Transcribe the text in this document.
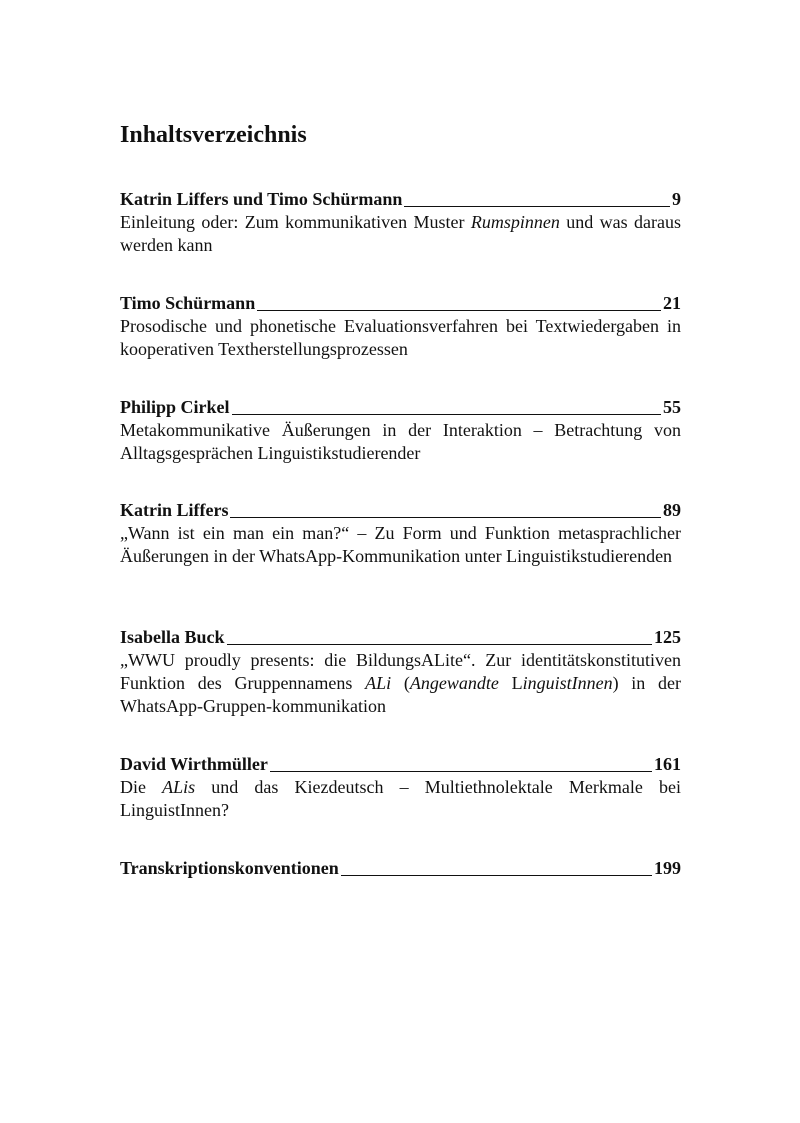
Inhaltsverzeichnis
Katrin Liffers und Timo Schürmann	9

Einleitung oder: Zum kommunikativen Muster Rumspinnen und was daraus werden kann

Timo Schürmann	21

Prosodische und phonetische Evaluationsverfahren bei Textwiedergaben in kooperativen Textherstellungsprozessen

Philipp Cirkel	55

Metakommunikative Äußerungen in der Interaktion – Betrachtung von Alltagsgesprächen Linguistikstudierender

Katrin Liffers	89

„Wann ist ein man ein man?“ – Zu Form und Funktion metasprachlicher Äußerungen in der WhatsApp-Kommunikation unter Linguistikstudierenden

Isabella Buck	125

„WWU proudly presents: die BildungsALite“. Zur identitätskonstitutiven Funktion des Gruppennamens ALi (Angewandte LinguistInnen) in der WhatsApp-Gruppen-kommunikation

David Wirthmüller	161

Die ALis und das Kiezdeutsch – Multiethnolektale Merkmale bei LinguistInnen?

Transkriptionskonventionen	199
